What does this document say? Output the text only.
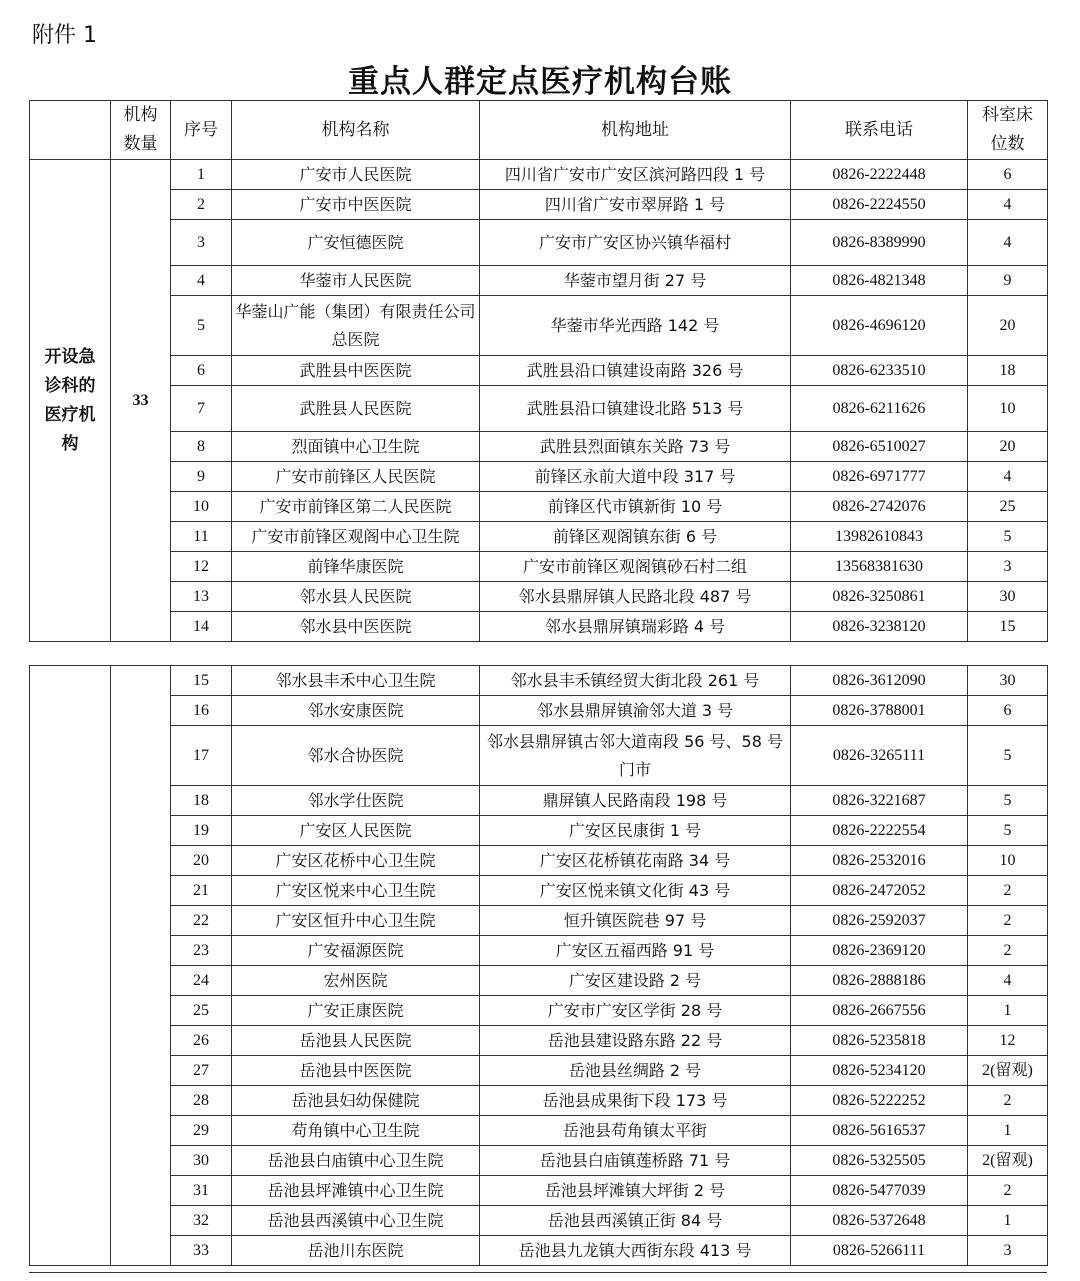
附件 1
重点人群定点医疗机构台账
	机构
数量	序号	机构名称	机构地址	联系电话	科室床
位数

开设急
诊科的
医疗机
构	33	1	广安市人民医院	四川省广安市广安区滨河路四段 1 号	0826-2222448	6
		2	广安市中医医院	四川省广安市翠屏路 1 号	0826-2224550	4
		3	广安恒德医院	广安市广安区协兴镇华福村	0826-8389990	4
		4	华蓥市人民医院	华蓥市望月街 27 号	0826-4821348	9
		5	华蓥山广能（集团）有限责任公司总医院	华蓥市华光西路 142 号	0826-4696120	20
		6	武胜县中医医院	武胜县沿口镇建设南路 326 号	0826-6233510	18
		7	武胜县人民医院	武胜县沿口镇建设北路 513 号	0826-6211626	10
		8	烈面镇中心卫生院	武胜县烈面镇东关路 73 号	0826-6510027	20
		9	广安市前锋区人民医院	前锋区永前大道中段 317 号	0826-6971777	4
		10	广安市前锋区第二人民医院	前锋区代市镇新街 10 号	0826-2742076	25
		11	广安市前锋区观阁中心卫生院	前锋区观阁镇东街 6 号	13982610843	5
		12	前锋华康医院	广安市前锋区观阁镇砂石村二组	13568381630	3
		13	邻水县人民医院	邻水县鼎屏镇人民路北段 487 号	0826-3250861	30
		14	邻水县中医医院	邻水县鼎屏镇瑞彩路 4 号	0826-3238120	15
		15	邻水县丰禾中心卫生院	邻水县丰禾镇经贸大街北段 261 号	0826-3612090	30
		16	邻水安康医院	邻水县鼎屏镇渝邻大道 3 号	0826-3788001	6
		17	邻水合协医院	邻水县鼎屏镇古邻大道南段 56 号、58 号门市	0826-3265111	5
		18	邻水学仕医院	鼎屏镇人民路南段 198 号	0826-3221687	5
		19	广安区人民医院	广安区民康街 1 号	0826-2222554	5
		20	广安区花桥中心卫生院	广安区花桥镇花南路 34 号	0826-2532016	10
		21	广安区悦来中心卫生院	广安区悦来镇文化街 43 号	0826-2472052	2
		22	广安区恒升中心卫生院	恒升镇医院巷 97 号	0826-2592037	2
		23	广安福源医院	广安区五福西路 91 号	0826-2369120	2
		24	宏州医院	广安区建设路 2 号	0826-2888186	4
		25	广安正康医院	广安市广安区学街 28 号	0826-2667556	1
		26	岳池县人民医院	岳池县建设路东路 22 号	0826-5235818	12
		27	岳池县中医医院	岳池县丝绸路 2 号	0826-5234120	2(留观)
		28	岳池县妇幼保健院	岳池县成果街下段 173 号	0826-5222252	2
		29	苟角镇中心卫生院	岳池县苟角镇太平街	0826-5616537	1
		30	岳池县白庙镇中心卫生院	岳池县白庙镇莲桥路 71 号	0826-5325505	2(留观)
		31	岳池县坪滩镇中心卫生院	岳池县坪滩镇大坪街 2 号	0826-5477039	2
		32	岳池县西溪镇中心卫生院	岳池县西溪镇正街 84 号	0826-5372648	1
		33	岳池川东医院	岳池县九龙镇大西街东段 413 号	0826-5266111	3
